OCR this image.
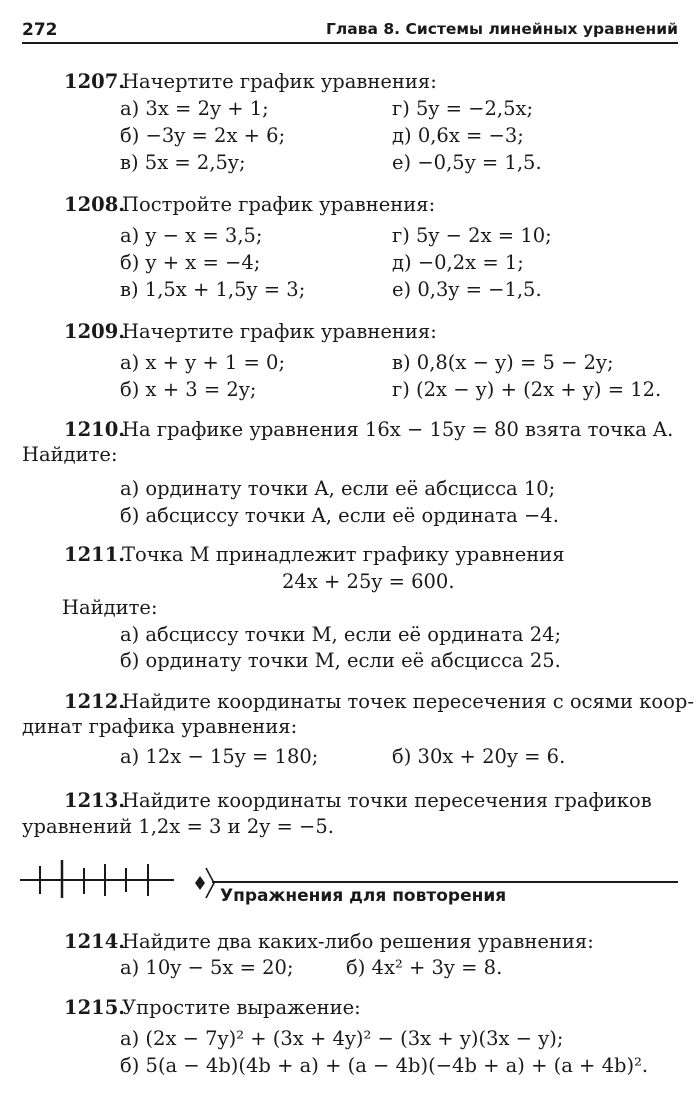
272	Глава 8. Системы линейных уравнений
1207.
Начертите график уравнения:
а) 3x = 2y + 1;	г) 5y = −2,5x;
б) −3y = 2x + 6;	д) 0,6x = −3;
в) 5x = 2,5y;	е) −0,5y = 1,5.
1208.
Постройте график уравнения:
а) y − x = 3,5;	г) 5y − 2x = 10;
б) y + x = −4;	д) −0,2x = 1;
в) 1,5x + 1,5y = 3;	е) 0,3y = −1,5.
1209.
Начертите график уравнения:
а) x + y + 1 = 0;	в) 0,8(x − y) = 5 − 2y;
б) x + 3 = 2y;	г) (2x − y) + (2x + y) = 12.
1210.
На графике уравнения 16x − 15y = 80 взята точка A.
Найдите:
а) ординату точки A, если её абсцисса 10;
б) абсциссу точки A, если её ордината −4.
1211.
Точка M принадлежит графику уравнения
24x + 25y = 600.
Найдите:
а) абсциссу точки M, если её ордината 24;
б) ординату точки M, если её абсцисса 25.
1212.
Найдите координаты точек пересечения с осями коор-
динат графика уравнения:
а) 12x − 15y = 180;	б) 30x + 20y = 6.
1213.
Найдите координаты точки пересечения графиков
уравнений 1,2x = 3 и 2y = −5.
Упражнения для повторения
1214.
Найдите два каких-либо решения уравнения:
а) 10y − 5x = 20;	б) 4x² + 3y = 8.
1215.
Упростите выражение:
а) (2x − 7y)² + (3x + 4y)² − (3x + y)(3x − y);
б) 5(a − 4b)(4b + a) + (a − 4b)(−4b + a) + (a + 4b)².
